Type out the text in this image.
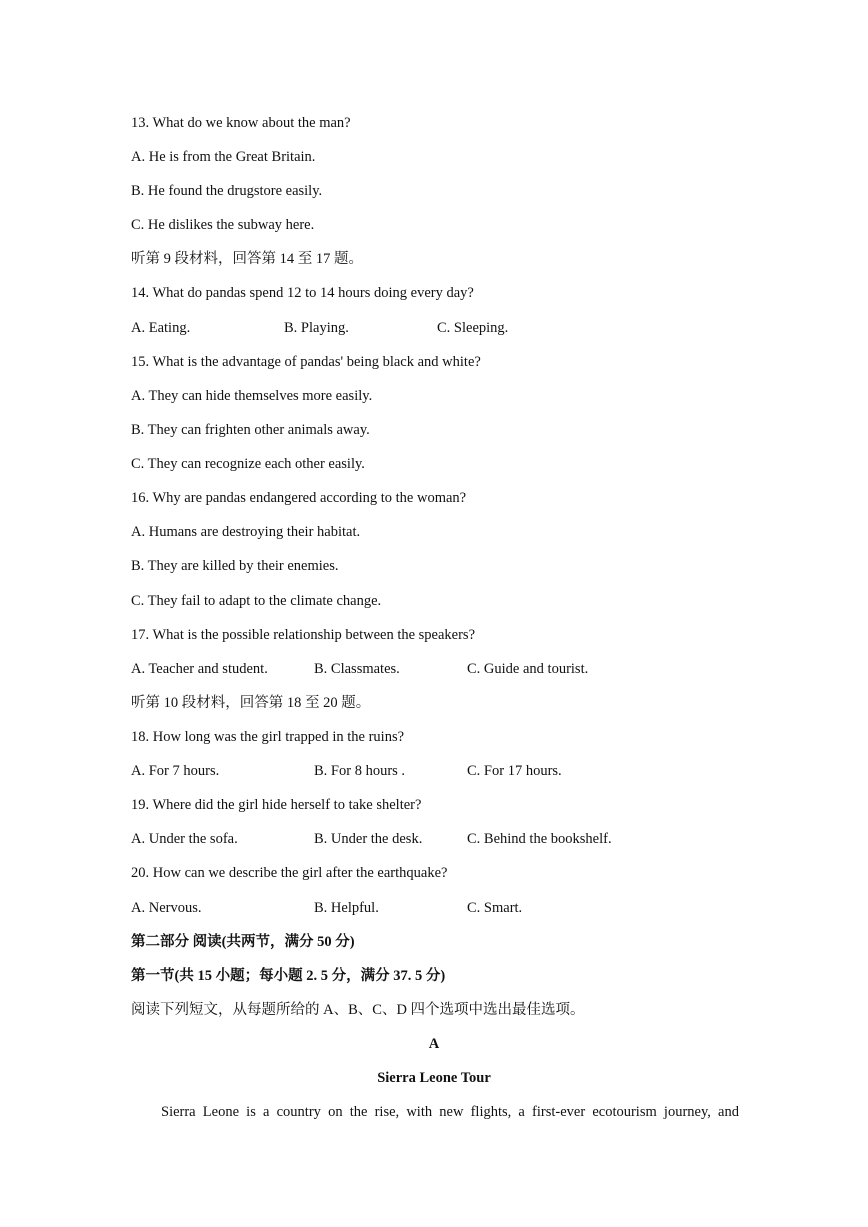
13. What do we know about the man?
A. He is from the Great Britain.
B. He found the drugstore easily.
C. He dislikes the subway here.
听第 9 段材料，回答第 14 至 17 题。
14. What do pandas spend 12 to 14 hours doing every day?
A. Eating.	B. Playing.	C. Sleeping.
15. What is the advantage of pandas' being black and white?
A. They can hide themselves more easily.
B. They can frighten other animals away.
C. They can recognize each other easily.
16. Why are pandas endangered according to the woman?
A. Humans are destroying their habitat.
B. They are killed by their enemies.
C. They fail to adapt to the climate change.
17. What is the possible relationship between the speakers?
A. Teacher and student.	B. Classmates.	C. Guide and tourist.
听第 10 段材料，回答第 18 至 20 题。
18. How long was the girl trapped in the ruins?
A. For 7 hours.	B. For 8 hours .	C. For 17 hours.
19. Where did the girl hide herself to take shelter?
A. Under the sofa.	B. Under the desk.	C. Behind the bookshelf.
20. How can we describe the girl after the earthquake?
A. Nervous.	B. Helpful.	C. Smart.
第二部分 阅读(共两节，满分 50 分)
第一节(共 15 小题；每小题 2. 5 分，满分 37. 5 分)
阅读下列短文，从每题所给的 A、B、C、D 四个选项中选出最佳选项。
A
Sierra Leone Tour
Sierra Leone is a country on the rise, with new flights, a first-ever ecotourism journey, and
